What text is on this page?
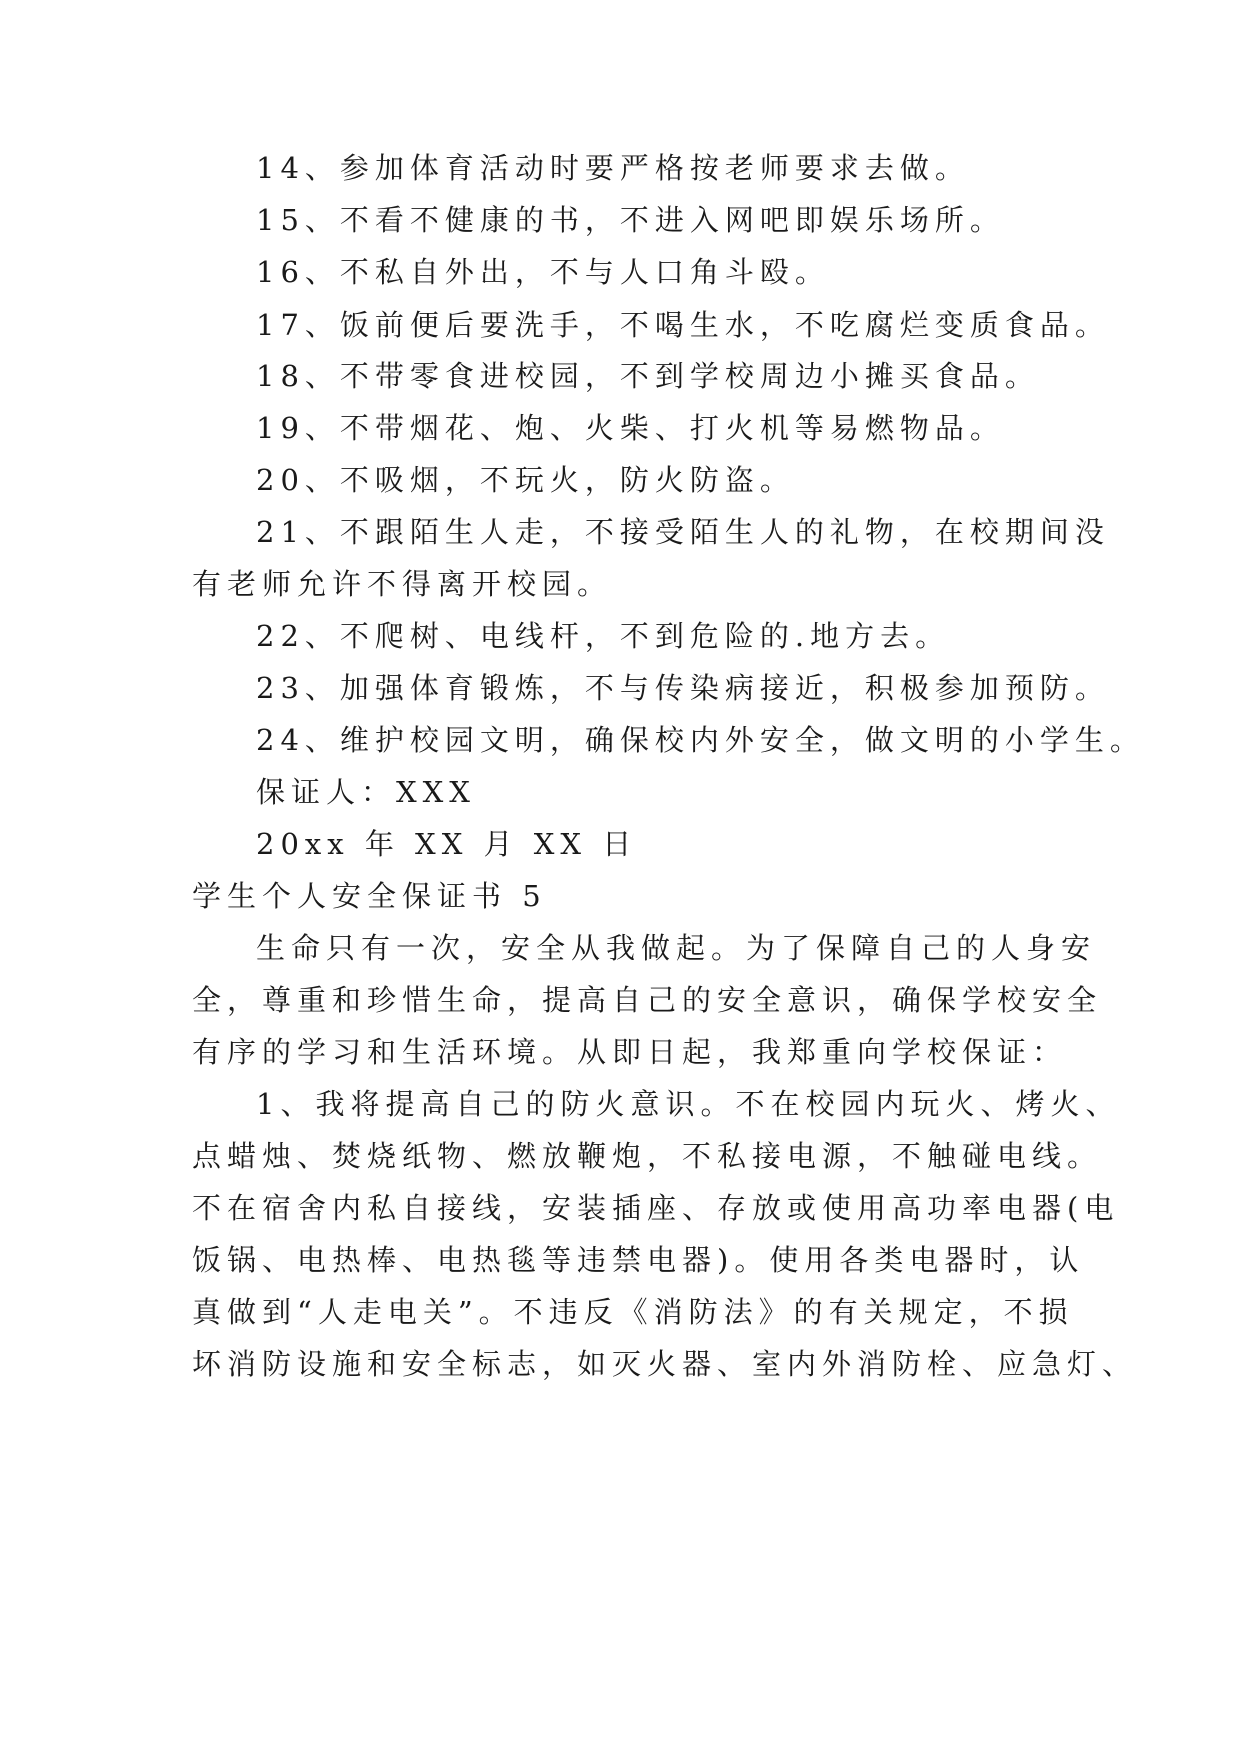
14、参加体育活动时要严格按老师要求去做。
15、不看不健康的书，不进入网吧即娱乐场所。
16、不私自外出，不与人口角斗殴。
17、饭前便后要洗手，不喝生水，不吃腐烂变质食品。
18、不带零食进校园，不到学校周边小摊买食品。
19、不带烟花、炮、火柴、打火机等易燃物品。
20、不吸烟，不玩火，防火防盗。
21、不跟陌生人走，不接受陌生人的礼物，在校期间没
有老师允许不得离开校园。
22、不爬树、电线杆，不到危险的.地方去。
23、加强体育锻炼，不与传染病接近，积极参加预防。
24、维护校园文明，确保校内外安全，做文明的小学生。
保证人：XXX
20xx 年 XX 月 XX 日
学生个人安全保证书 5
生命只有一次，安全从我做起。为了保障自己的人身安
全，尊重和珍惜生命，提高自己的安全意识，确保学校安全
有序的学习和生活环境。从即日起，我郑重向学校保证：
1、我将提高自己的防火意识。不在校园内玩火、烤火、
点蜡烛、焚烧纸物、燃放鞭炮，不私接电源，不触碰电线。
不在宿舍内私自接线，安装插座、存放或使用高功率电器(电
饭锅、电热棒、电热毯等违禁电器)。使用各类电器时，认
真做到“人走电关”。不违反《消防法》的有关规定，不损
坏消防设施和安全标志，如灭火器、室内外消防栓、应急灯、
